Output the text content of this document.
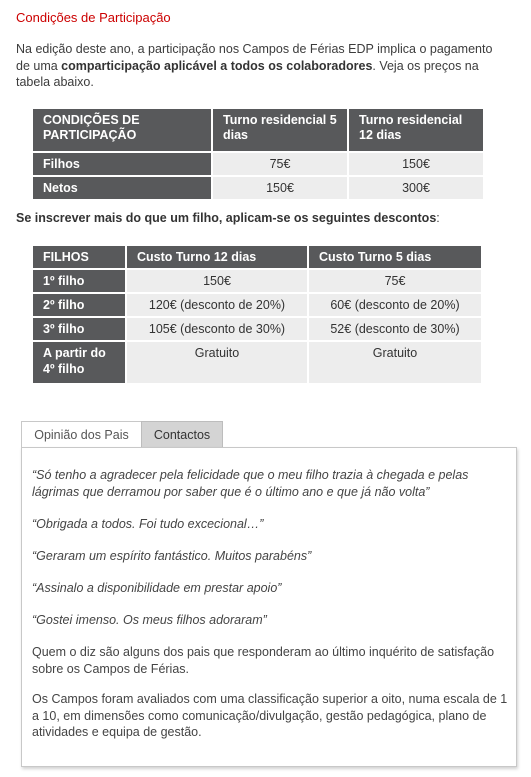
Condições de Participação

Na edição deste ano, a participação nos Campos de Férias EDP implica o pagamento de uma comparticipação aplicável a todos os colaboradores. Veja os preços na tabela abaixo.

CONDIÇÕES DE PARTICIPAÇÃO	Turno residencial 5 dias	Turno residencial 12 dias
Filhos	75€	150€
Netos	150€	300€

Se inscrever mais do que um filho, aplicam-se os seguintes descontos:

FILHOS	Custo Turno 12 dias	Custo Turno 5 dias
1º filho	150€	75€
2º filho	120€ (desconto de 20%)	60€ (desconto de 20%)
3º filho	105€ (desconto de 30%)	52€ (desconto de 30%)
A partir do 4º filho	Gratuito	Gratuito
Opinião dos Pais	Contactos

“Só tenho a agradecer pela felicidade que o meu filho trazia à chegada e pelas lágrimas que derramou por saber que é o último ano e que já não volta”

“Obrigada a todos. Foi tudo excecional…”

“Geraram um espírito fantástico. Muitos parabéns”

“Assinalo a disponibilidade em prestar apoio”

“Gostei imenso. Os meus filhos adoraram”

Quem o diz são alguns dos pais que responderam ao último inquérito de satisfação sobre os Campos de Férias.

Os Campos foram avaliados com uma classificação superior a oito, numa escala de 1 a 10, em dimensões como comunicação/divulgação, gestão pedagógica, plano de atividades e equipa de gestão.
